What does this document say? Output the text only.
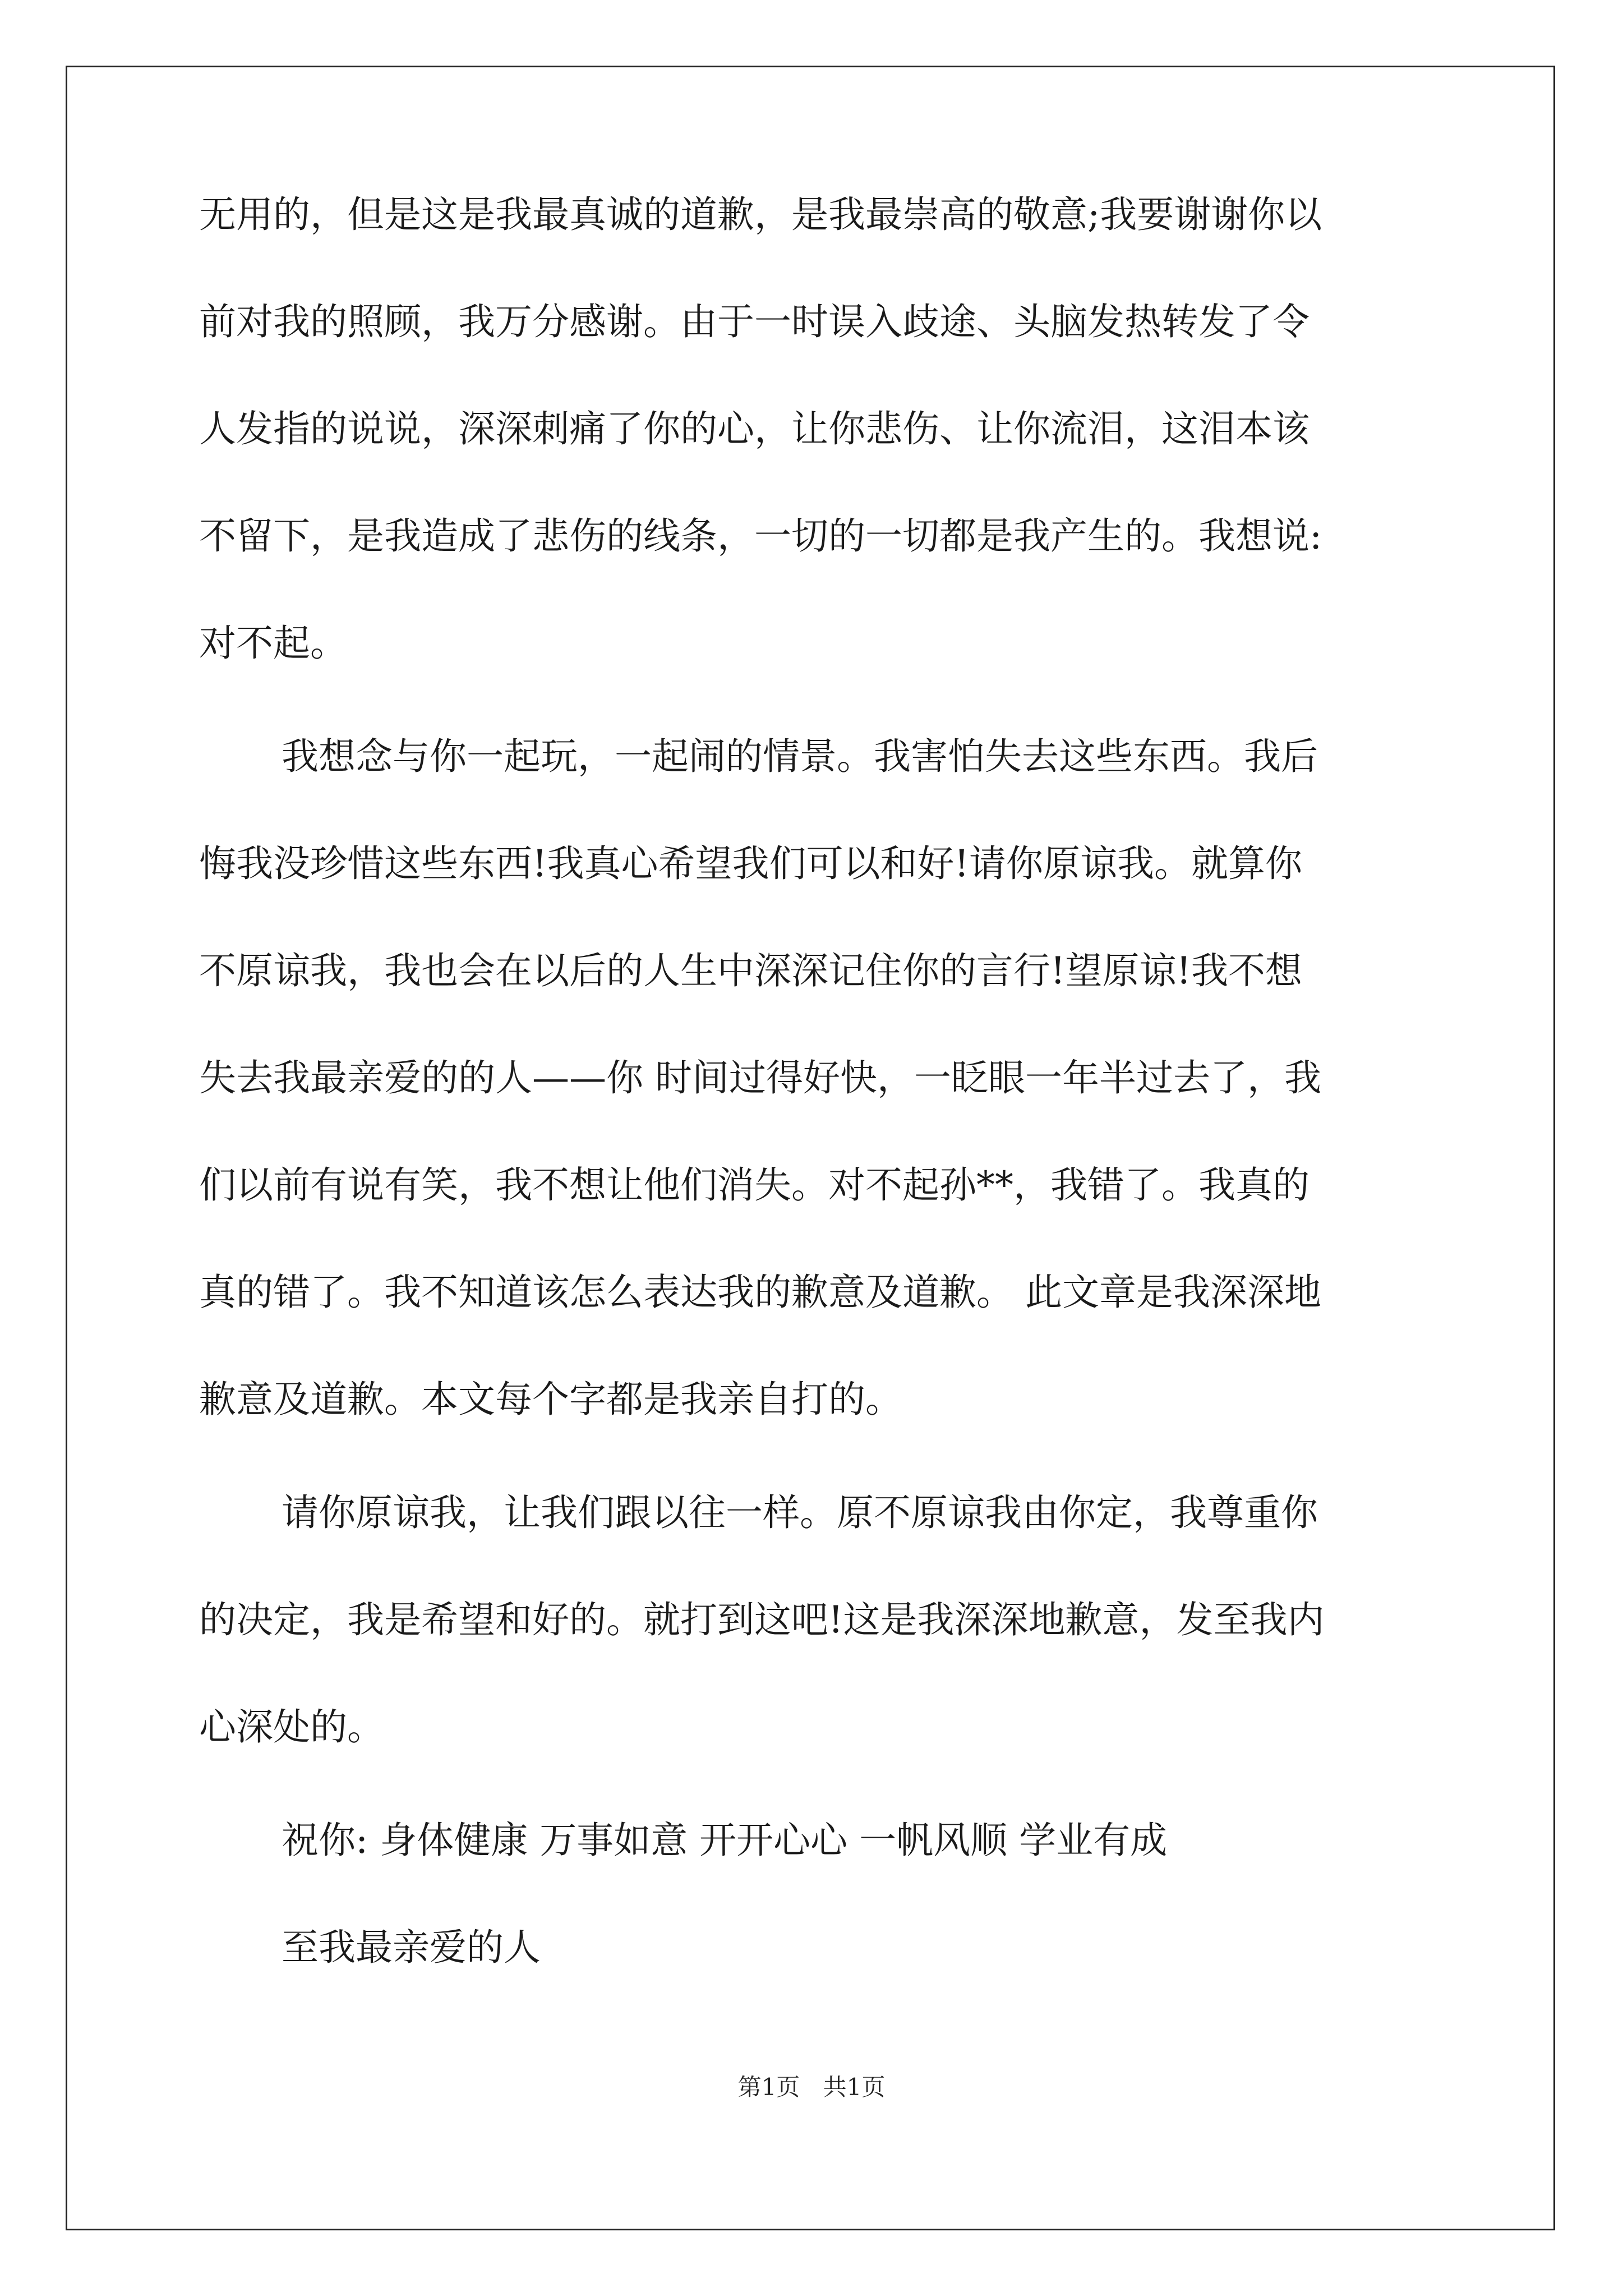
无用的，但是这是我最真诚的道歉，是我最崇高的敬意;我要谢谢你以
前对我的照顾，我万分感谢。由于一时误入歧途、头脑发热转发了令
人发指的说说，深深刺痛了你的心，让你悲伤、让你流泪，这泪本该
不留下，是我造成了悲伤的线条，一切的一切都是我产生的。我想说:
对不起。
我想念与你一起玩，一起闹的情景。我害怕失去这些东西。我后
悔我没珍惜这些东西!我真心希望我们可以和好!请你原谅我。就算你
不原谅我，我也会在以后的人生中深深记住你的言行!望原谅!我不想
失去我最亲爱的的人——你 时间过得好快，一眨眼一年半过去了，我
们以前有说有笑，我不想让他们消失。对不起孙**，我错了。我真的
真的错了。我不知道该怎么表达我的歉意及道歉。 此文章是我深深地
歉意及道歉。本文每个字都是我亲自打的。
请你原谅我，让我们跟以往一样。原不原谅我由你定，我尊重你
的决定，我是希望和好的。就打到这吧!这是我深深地歉意，发至我内
心深处的。
祝你: 身体健康 万事如意 开开心心 一帆风顺 学业有成
至我最亲爱的人
第1页 共1页
